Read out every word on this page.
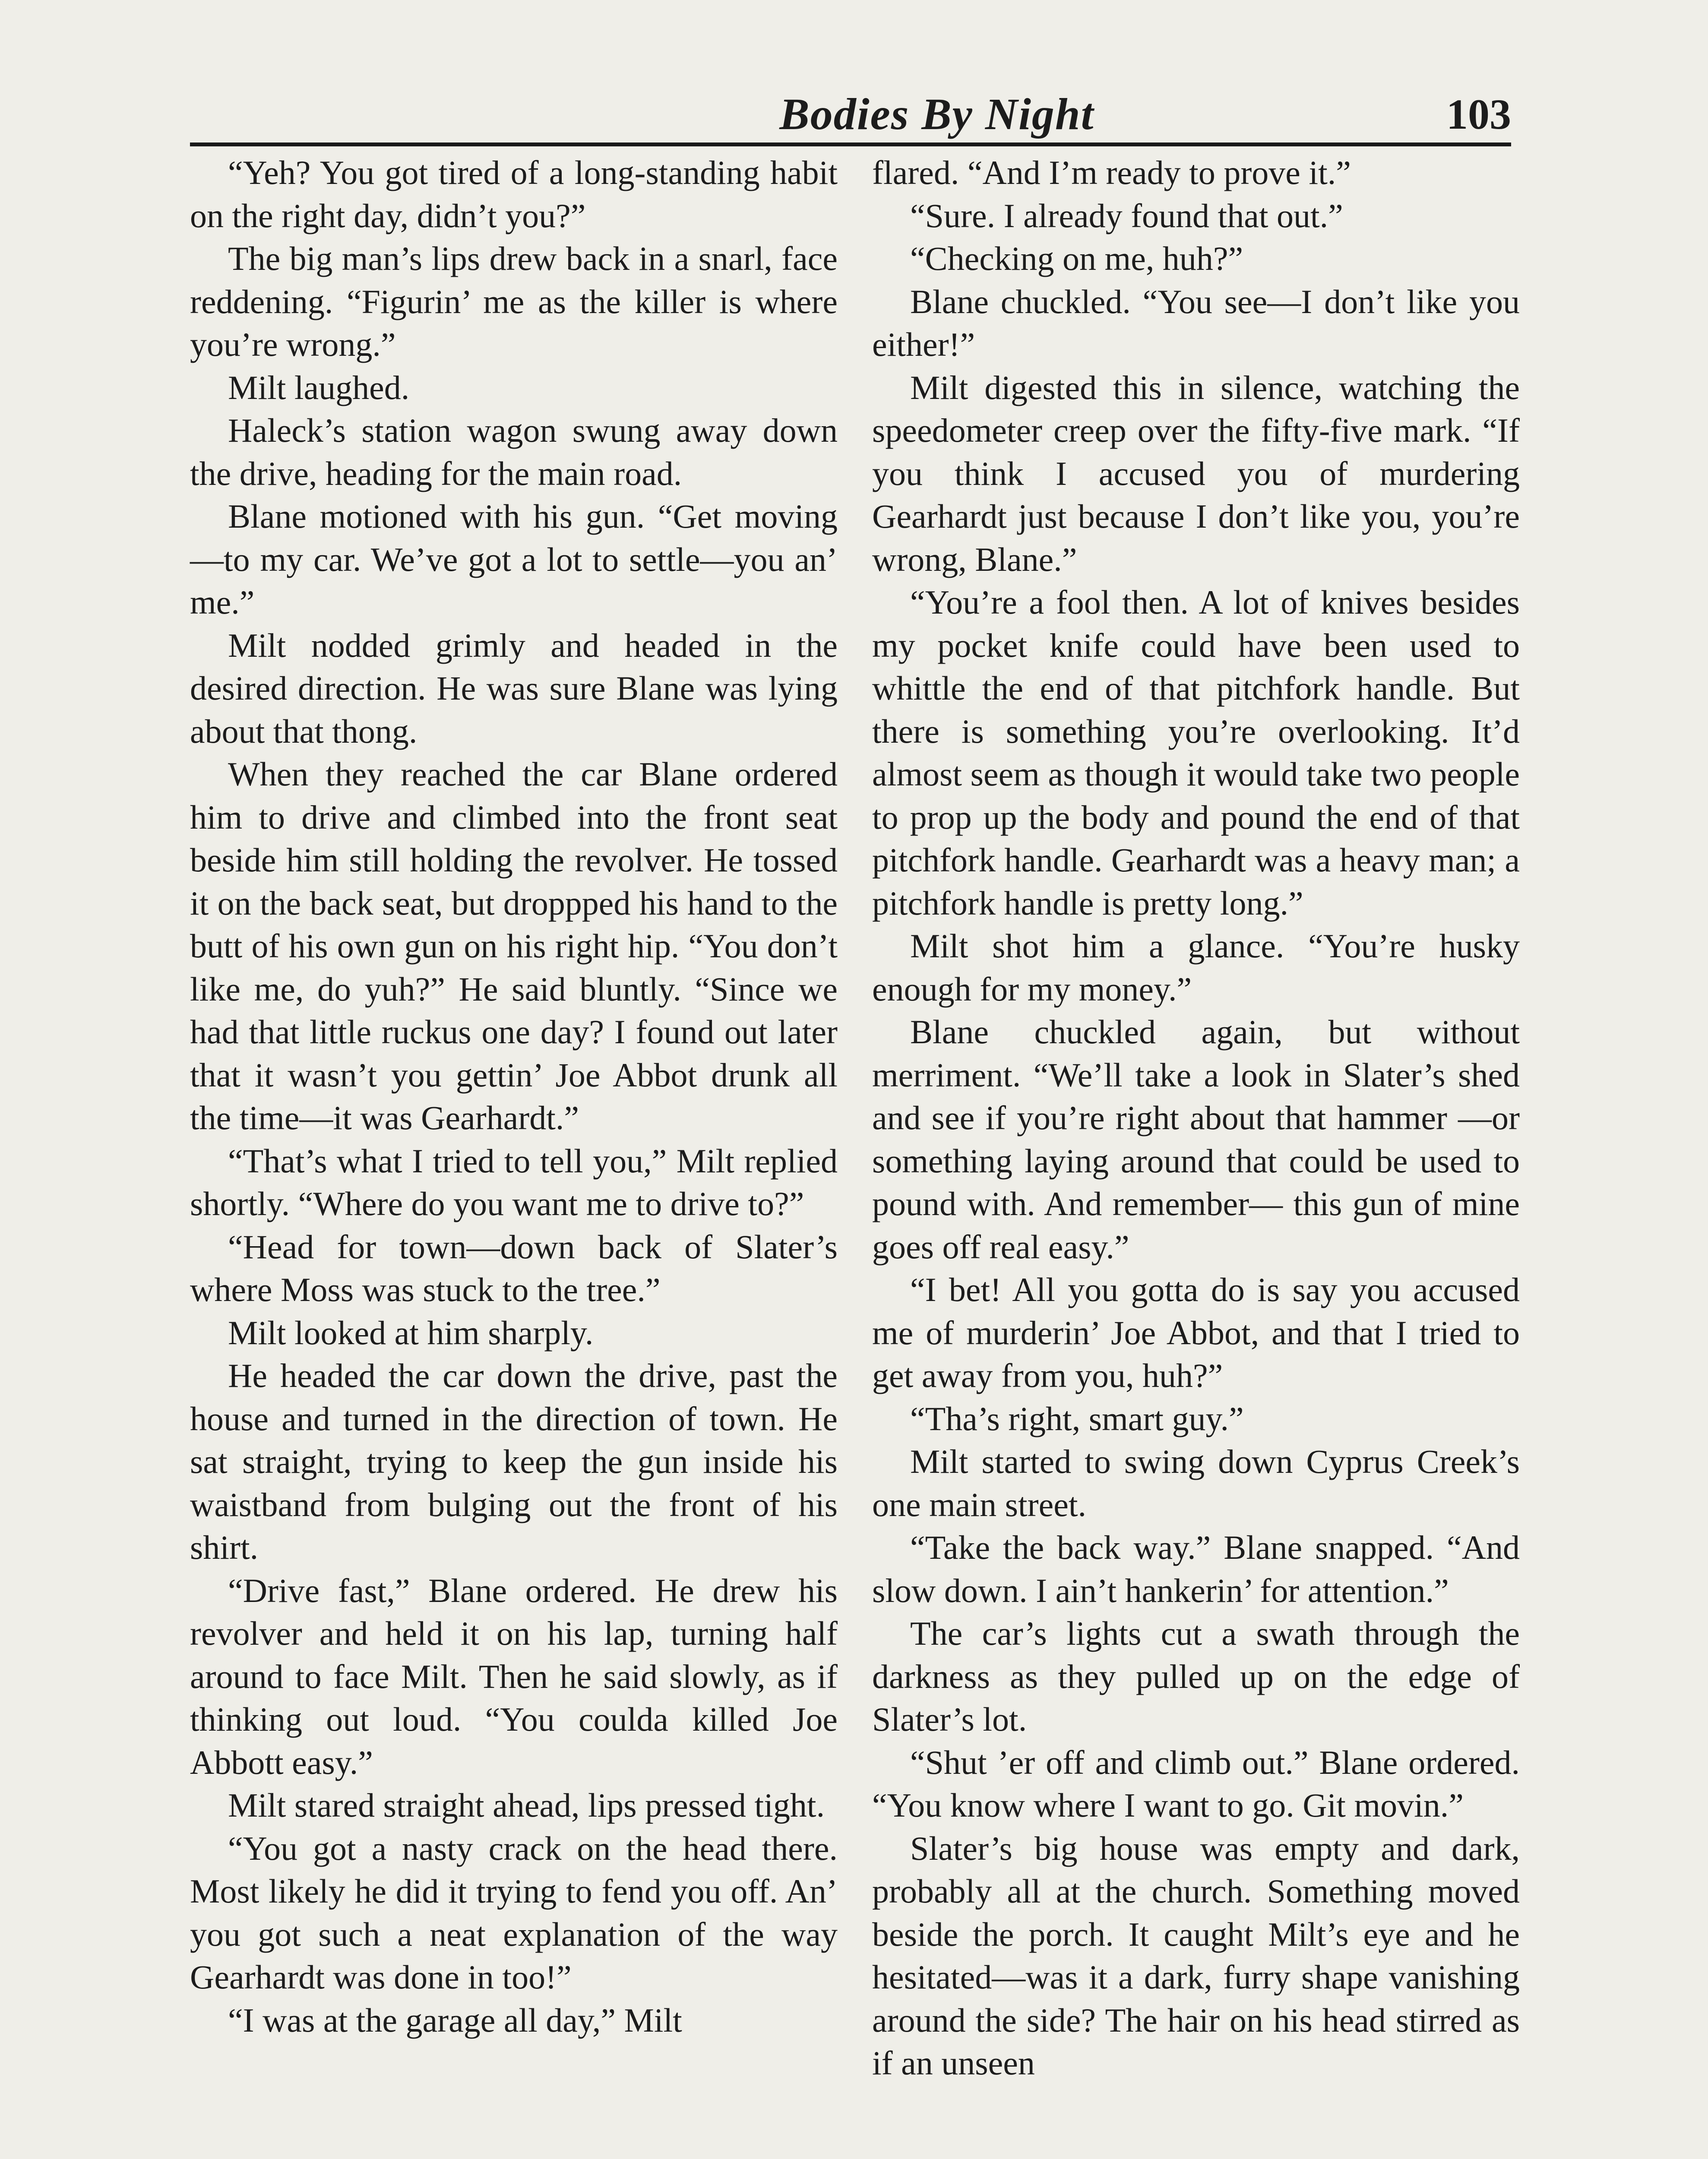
Bodies By Night	103

“Yeh? You got tired of a long-standing habit on the right day, didn’t you?”

The big man’s lips drew back in a snarl, face reddening. “Figurin’ me as the killer is where you’re wrong.”

Milt laughed.

Haleck’s station wagon swung away down the drive, heading for the main road.

Blane motioned with his gun. “Get moving—to my car. We’ve got a lot to settle—you an’ me.”

Milt nodded grimly and headed in the desired direction. He was sure Blane was lying about that thong.

When they reached the car Blane ordered him to drive and climbed into the front seat beside him still holding the revolver. He tossed it on the back seat, but droppped his hand to the butt of his own gun on his right hip. “You don’t like me, do yuh?” He said bluntly. “Since we had that little ruckus one day? I found out later that it wasn’t you gettin’ Joe Abbot drunk all the time—it was Gearhardt.”

“That’s what I tried to tell you,” Milt replied shortly. “Where do you want me to drive to?”

“Head for town—down back of Slater’s where Moss was stuck to the tree.”

Milt looked at him sharply.

He headed the car down the drive, past the house and turned in the direction of town. He sat straight, trying to keep the gun inside his waistband from bulging out the front of his shirt.

“Drive fast,” Blane ordered. He drew his revolver and held it on his lap, turning half around to face Milt. Then he said slowly, as if thinking out loud. “You coulda killed Joe Abbott easy.”

Milt stared straight ahead, lips pressed tight.

“You got a nasty crack on the head there. Most likely he did it trying to fend you off. An’ you got such a neat explanation of the way Gearhardt was done in too!”

“I was at the garage all day,” Milt

flared. “And I’m ready to prove it.”

“Sure. I already found that out.”

“Checking on me, huh?”

Blane chuckled. “You see—I don’t like you either!”

Milt digested this in silence, watching the speedometer creep over the fifty-five mark. “If you think I accused you of murdering Gearhardt just because I don’t like you, you’re wrong, Blane.”

“You’re a fool then. A lot of knives besides my pocket knife could have been used to whittle the end of that pitchfork handle. But there is something you’re overlooking. It’d almost seem as though it would take two people to prop up the body and pound the end of that pitchfork handle. Gearhardt was a heavy man; a pitchfork handle is pretty long.”

Milt shot him a glance. “You’re husky enough for my money.”

Blane chuckled again, but without merriment. “We’ll take a look in Slater’s shed and see if you’re right about that hammer —or something laying around that could be used to pound with. And remember— this gun of mine goes off real easy.”

“I bet! All you gotta do is say you accused me of murderin’ Joe Abbot, and that I tried to get away from you, huh?”

“Tha’s right, smart guy.”

Milt started to swing down Cyprus Creek’s one main street.

“Take the back way.” Blane snapped. “And slow down. I ain’t hankerin’ for attention.”

The car’s lights cut a swath through the darkness as they pulled up on the edge of Slater’s lot.

“Shut ’er off and climb out.” Blane ordered. “You know where I want to go. Git movin.”

Slater’s big house was empty and dark, probably all at the church. Something moved beside the porch. It caught Milt’s eye and he hesitated—was it a dark, furry shape vanishing around the side? The hair on his head stirred as if an unseen
